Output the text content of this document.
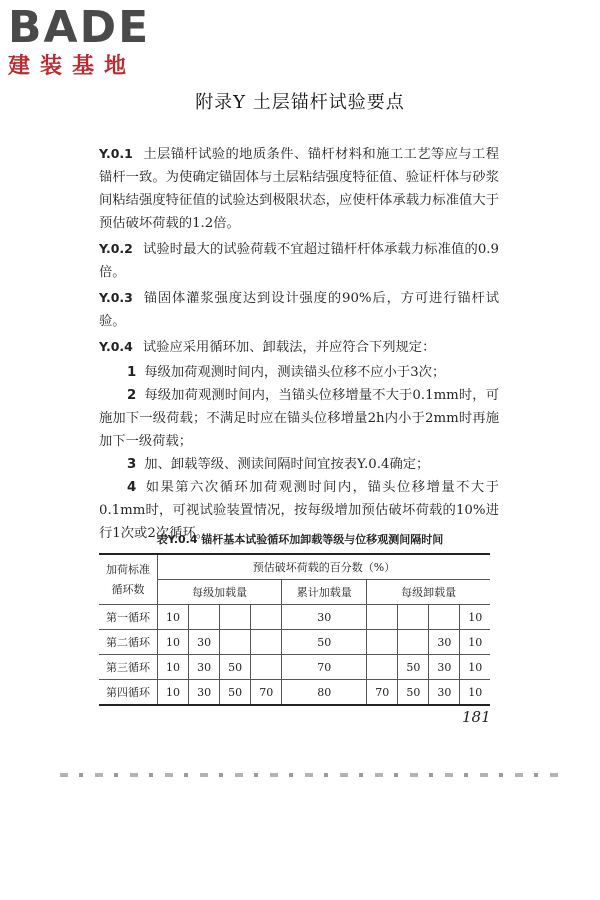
BADE
建装基地
附录Y 土层锚杆试验要点

Y.0.1 土层锚杆试验的地质条件、锚杆材料和施工工艺等应与工程锚杆一致。为使确定锚固体与土层粘结强度特征值、验证杆体与砂浆间粘结强度特征值的试验达到极限状态，应使杆体承载力标准值大于预估破坏荷载的1.2倍。

Y.0.2 试验时最大的试验荷载不宜超过锚杆杆体承载力标准值的0.9倍。

Y.0.3 锚固体灌浆强度达到设计强度的90%后，方可进行锚杆试验。

Y.0.4 试验应采用循环加、卸载法，并应符合下列规定：

1 每级加荷观测时间内，测读锚头位移不应小于3次；

2 每级加荷观测时间内，当锚头位移增量不大于0.1mm时，可施加下一级荷载；不满足时应在锚头位移增量2h内小于2mm时再施加下一级荷载；

3 加、卸载等级、测读间隔时间宜按表Y.0.4确定；

4 如果第六次循环加荷观测时间内，锚头位移增量不大于0.1mm时，可视试验装置情况，按每级增加预估破坏荷载的10%进行1次或2次循环。

表Y.0.4 锚杆基本试验循环加卸载等级与位移观测间隔时间
加荷标准
循环数	预估破坏荷载的百分数（%）								
	每级加载量				累计加载量	每级卸载量			
第一循环	10				30				10
第二循环	10	30			50			30	10
第三循环	10	30	50		70		50	30	10
第四循环	10	30	50	70	80	70	50	30	10
181
